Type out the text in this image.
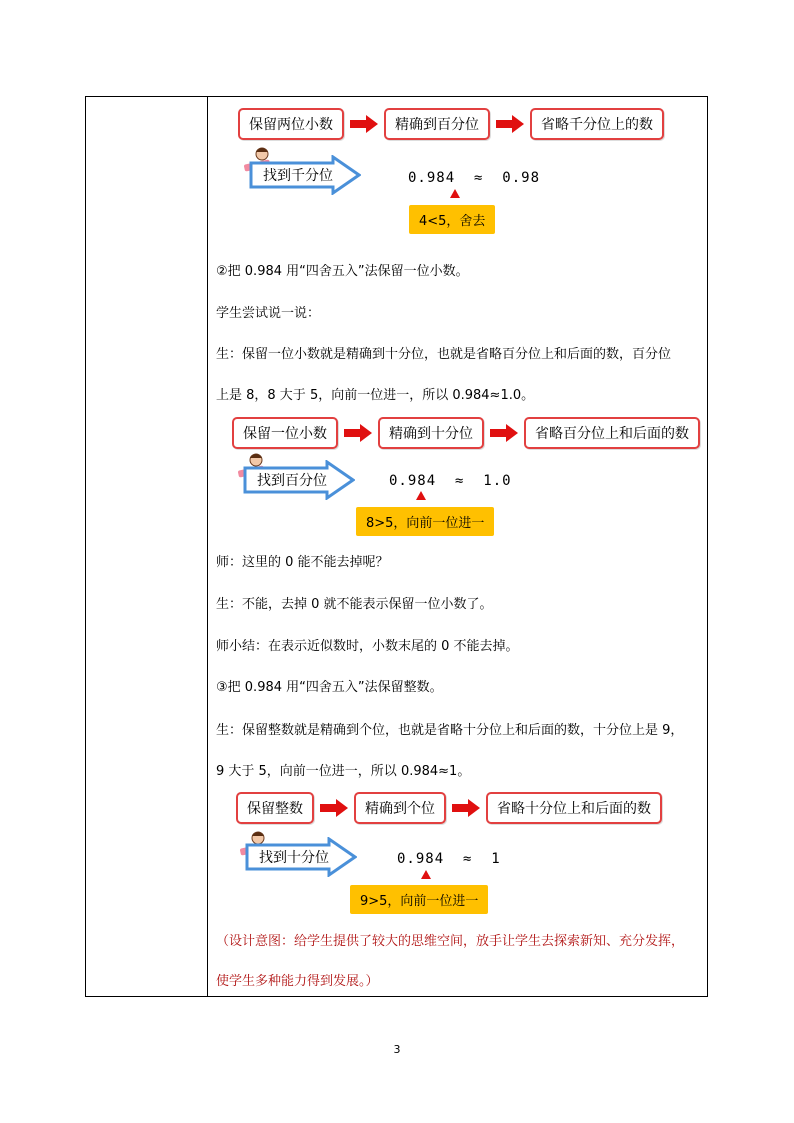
保留两位小数	精确到百分位	省略千分位上的数
找到千分位	0.984  ≈  0.98
4<5，舍去
②把 0.984 用“四舍五入”法保留一位小数。
学生尝试说一说：
生：保留一位小数就是精确到十分位，也就是省略百分位上和后面的数，百分位
上是 8，8 大于 5，向前一位进一，所以 0.984≈1.0。
保留一位小数	精确到十分位	省略百分位上和后面的数
找到百分位	0.984  ≈  1.0
8>5，向前一位进一
师：这里的 0 能不能去掉呢？
生：不能，去掉 0 就不能表示保留一位小数了。
师小结：在表示近似数时，小数末尾的 0 不能去掉。
③把 0.984 用“四舍五入”法保留整数。
生：保留整数就是精确到个位，也就是省略十分位上和后面的数，十分位上是 9，
9 大于 5，向前一位进一，所以 0.984≈1。
保留整数	精确到个位	省略十分位上和后面的数
找到十分位	0.984  ≈  1
9>5，向前一位进一
（设计意图：给学生提供了较大的思维空间，放手让学生去探索新知、充分发挥，
使学生多种能力得到发展。）
3
